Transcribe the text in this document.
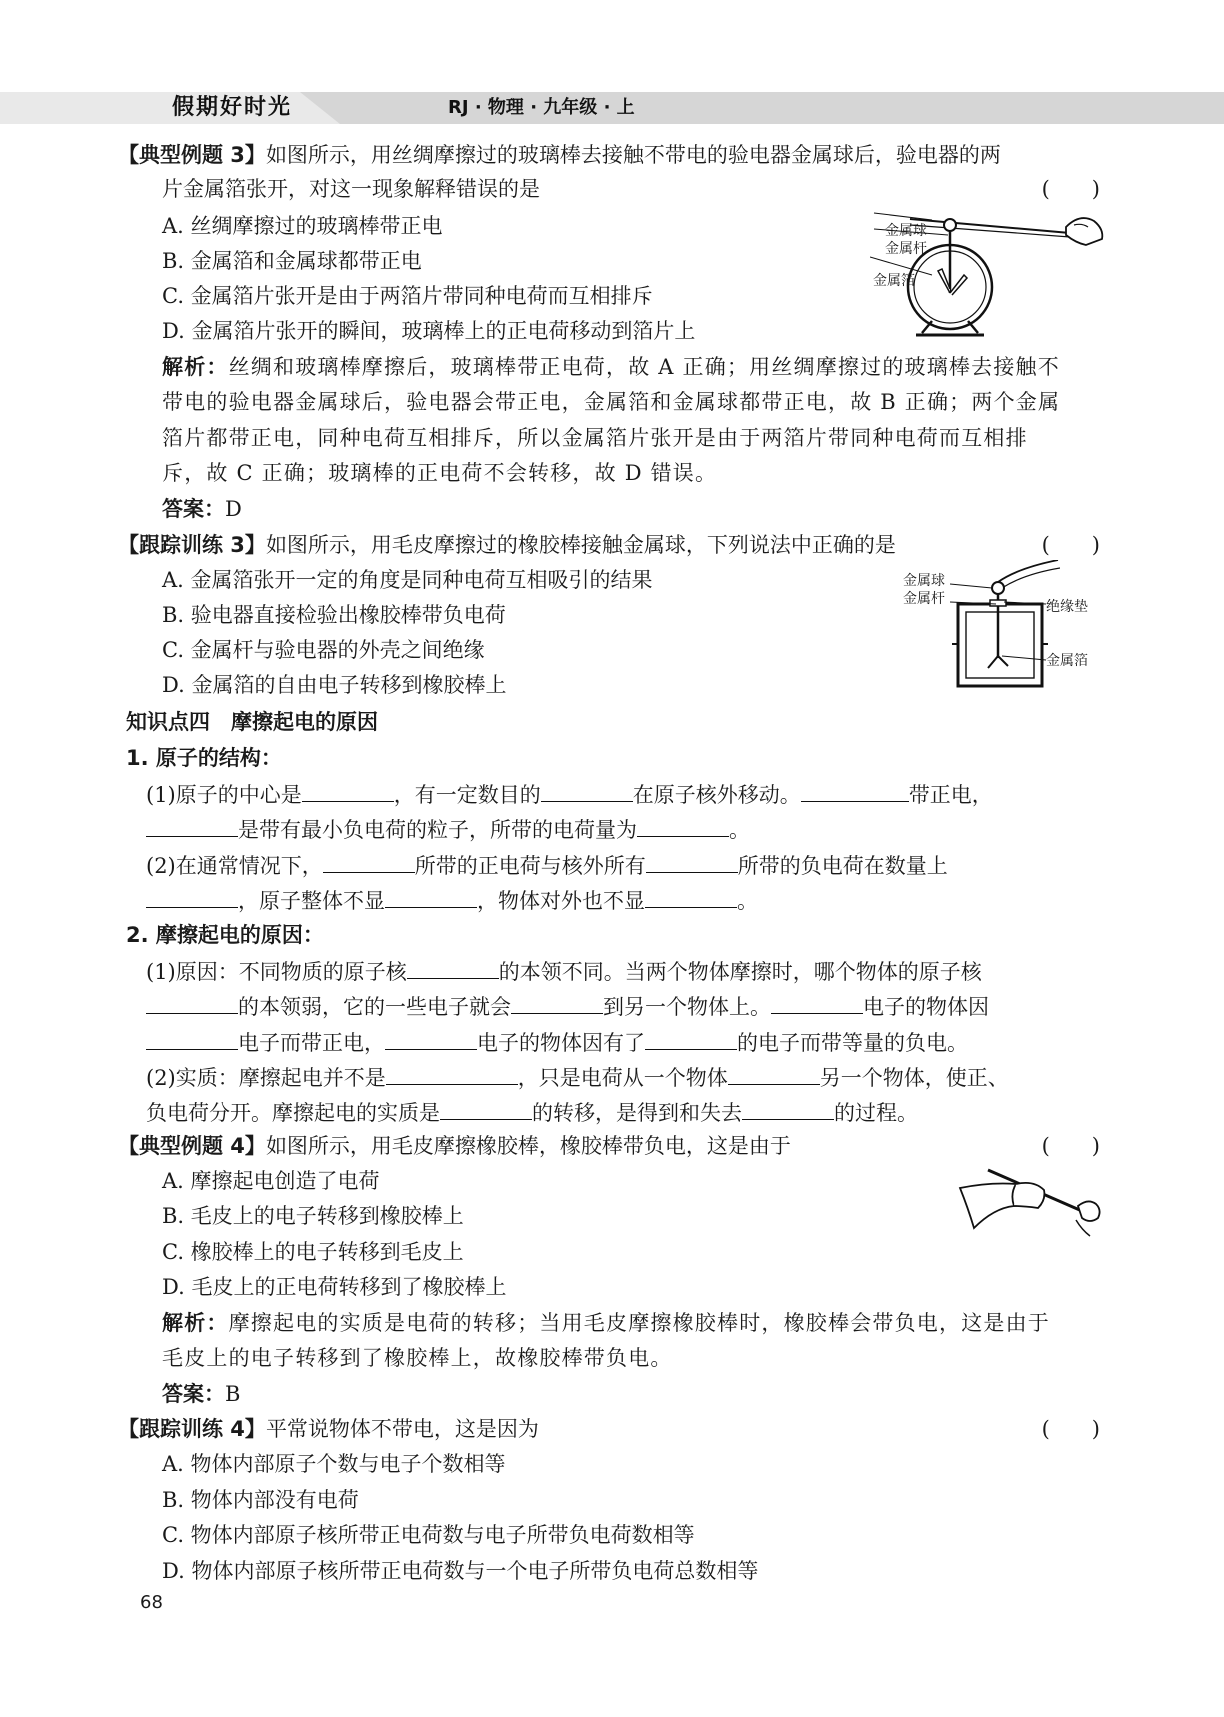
假期好时光	RJ · 物理 · 九年级 · 上
【典型例题 3】如图所示，用丝绸摩擦过的玻璃棒去接触不带电的验电器金属球后，验电器的两
片金属箔张开，对这一现象解释错误的是	(　　)
A. 丝绸摩擦过的玻璃棒带正电
B. 金属箔和金属球都带正电
C. 金属箔片张开是由于两箔片带同种电荷而互相排斥
D. 金属箔片张开的瞬间，玻璃棒上的正电荷移动到箔片上
解析：丝绸和玻璃棒摩擦后，玻璃棒带正电荷，故 A 正确；用丝绸摩擦过的玻璃棒去接触不
带电的验电器金属球后，验电器会带正电，金属箔和金属球都带正电，故 B 正确；两个金属
箔片都带正电，同种电荷互相排斥，所以金属箔片张开是由于两箔片带同种电荷而互相排
斥，故 C 正确；玻璃棒的正电荷不会转移，故 D 错误。
答案：D
金属球
金属杆
金属箔
【跟踪训练 3】如图所示，用毛皮摩擦过的橡胶棒接触金属球，下列说法中正确的是	(　　)
A. 金属箔张开一定的角度是同种电荷互相吸引的结果
B. 验电器直接检验出橡胶棒带负电荷
C. 金属杆与验电器的外壳之间绝缘
D. 金属箔的自由电子转移到橡胶棒上
金属球
金属杆	绝缘垫
金属箔
知识点四　摩擦起电的原因
1. 原子的结构：
(1)原子的中心是	，有一定数目的	在原子核外移动。	带正电，
是带有最小负电荷的粒子，所带的电荷量为	。
(2)在通常情况下，	所带的正电荷与核外所有	所带的负电荷在数量上
，原子整体不显	，物体对外也不显	。
2. 摩擦起电的原因：
(1)原因：不同物质的原子核	的本领不同。当两个物体摩擦时，哪个物体的原子核
的本领弱，它的一些电子就会	到另一个物体上。	电子的物体因
电子而带正电，	电子的物体因有了	的电子而带等量的负电。
(2)实质：摩擦起电并不是	，只是电荷从一个物体	另一个物体，使正、
负电荷分开。摩擦起电的实质是	的转移，是得到和失去	的过程。
【典型例题 4】如图所示，用毛皮摩擦橡胶棒，橡胶棒带负电，这是由于	(　　)
A. 摩擦起电创造了电荷
B. 毛皮上的电子转移到橡胶棒上
C. 橡胶棒上的电子转移到毛皮上
D. 毛皮上的正电荷转移到了橡胶棒上
解析：摩擦起电的实质是电荷的转移；当用毛皮摩擦橡胶棒时，橡胶棒会带负电，这是由于
毛皮上的电子转移到了橡胶棒上，故橡胶棒带负电。
答案：B
【跟踪训练 4】平常说物体不带电，这是因为	(　　)
A. 物体内部原子个数与电子个数相等
B. 物体内部没有电荷
C. 物体内部原子核所带正电荷数与电子所带负电荷数相等
D. 物体内部原子核所带正电荷数与一个电子所带负电荷总数相等
68
